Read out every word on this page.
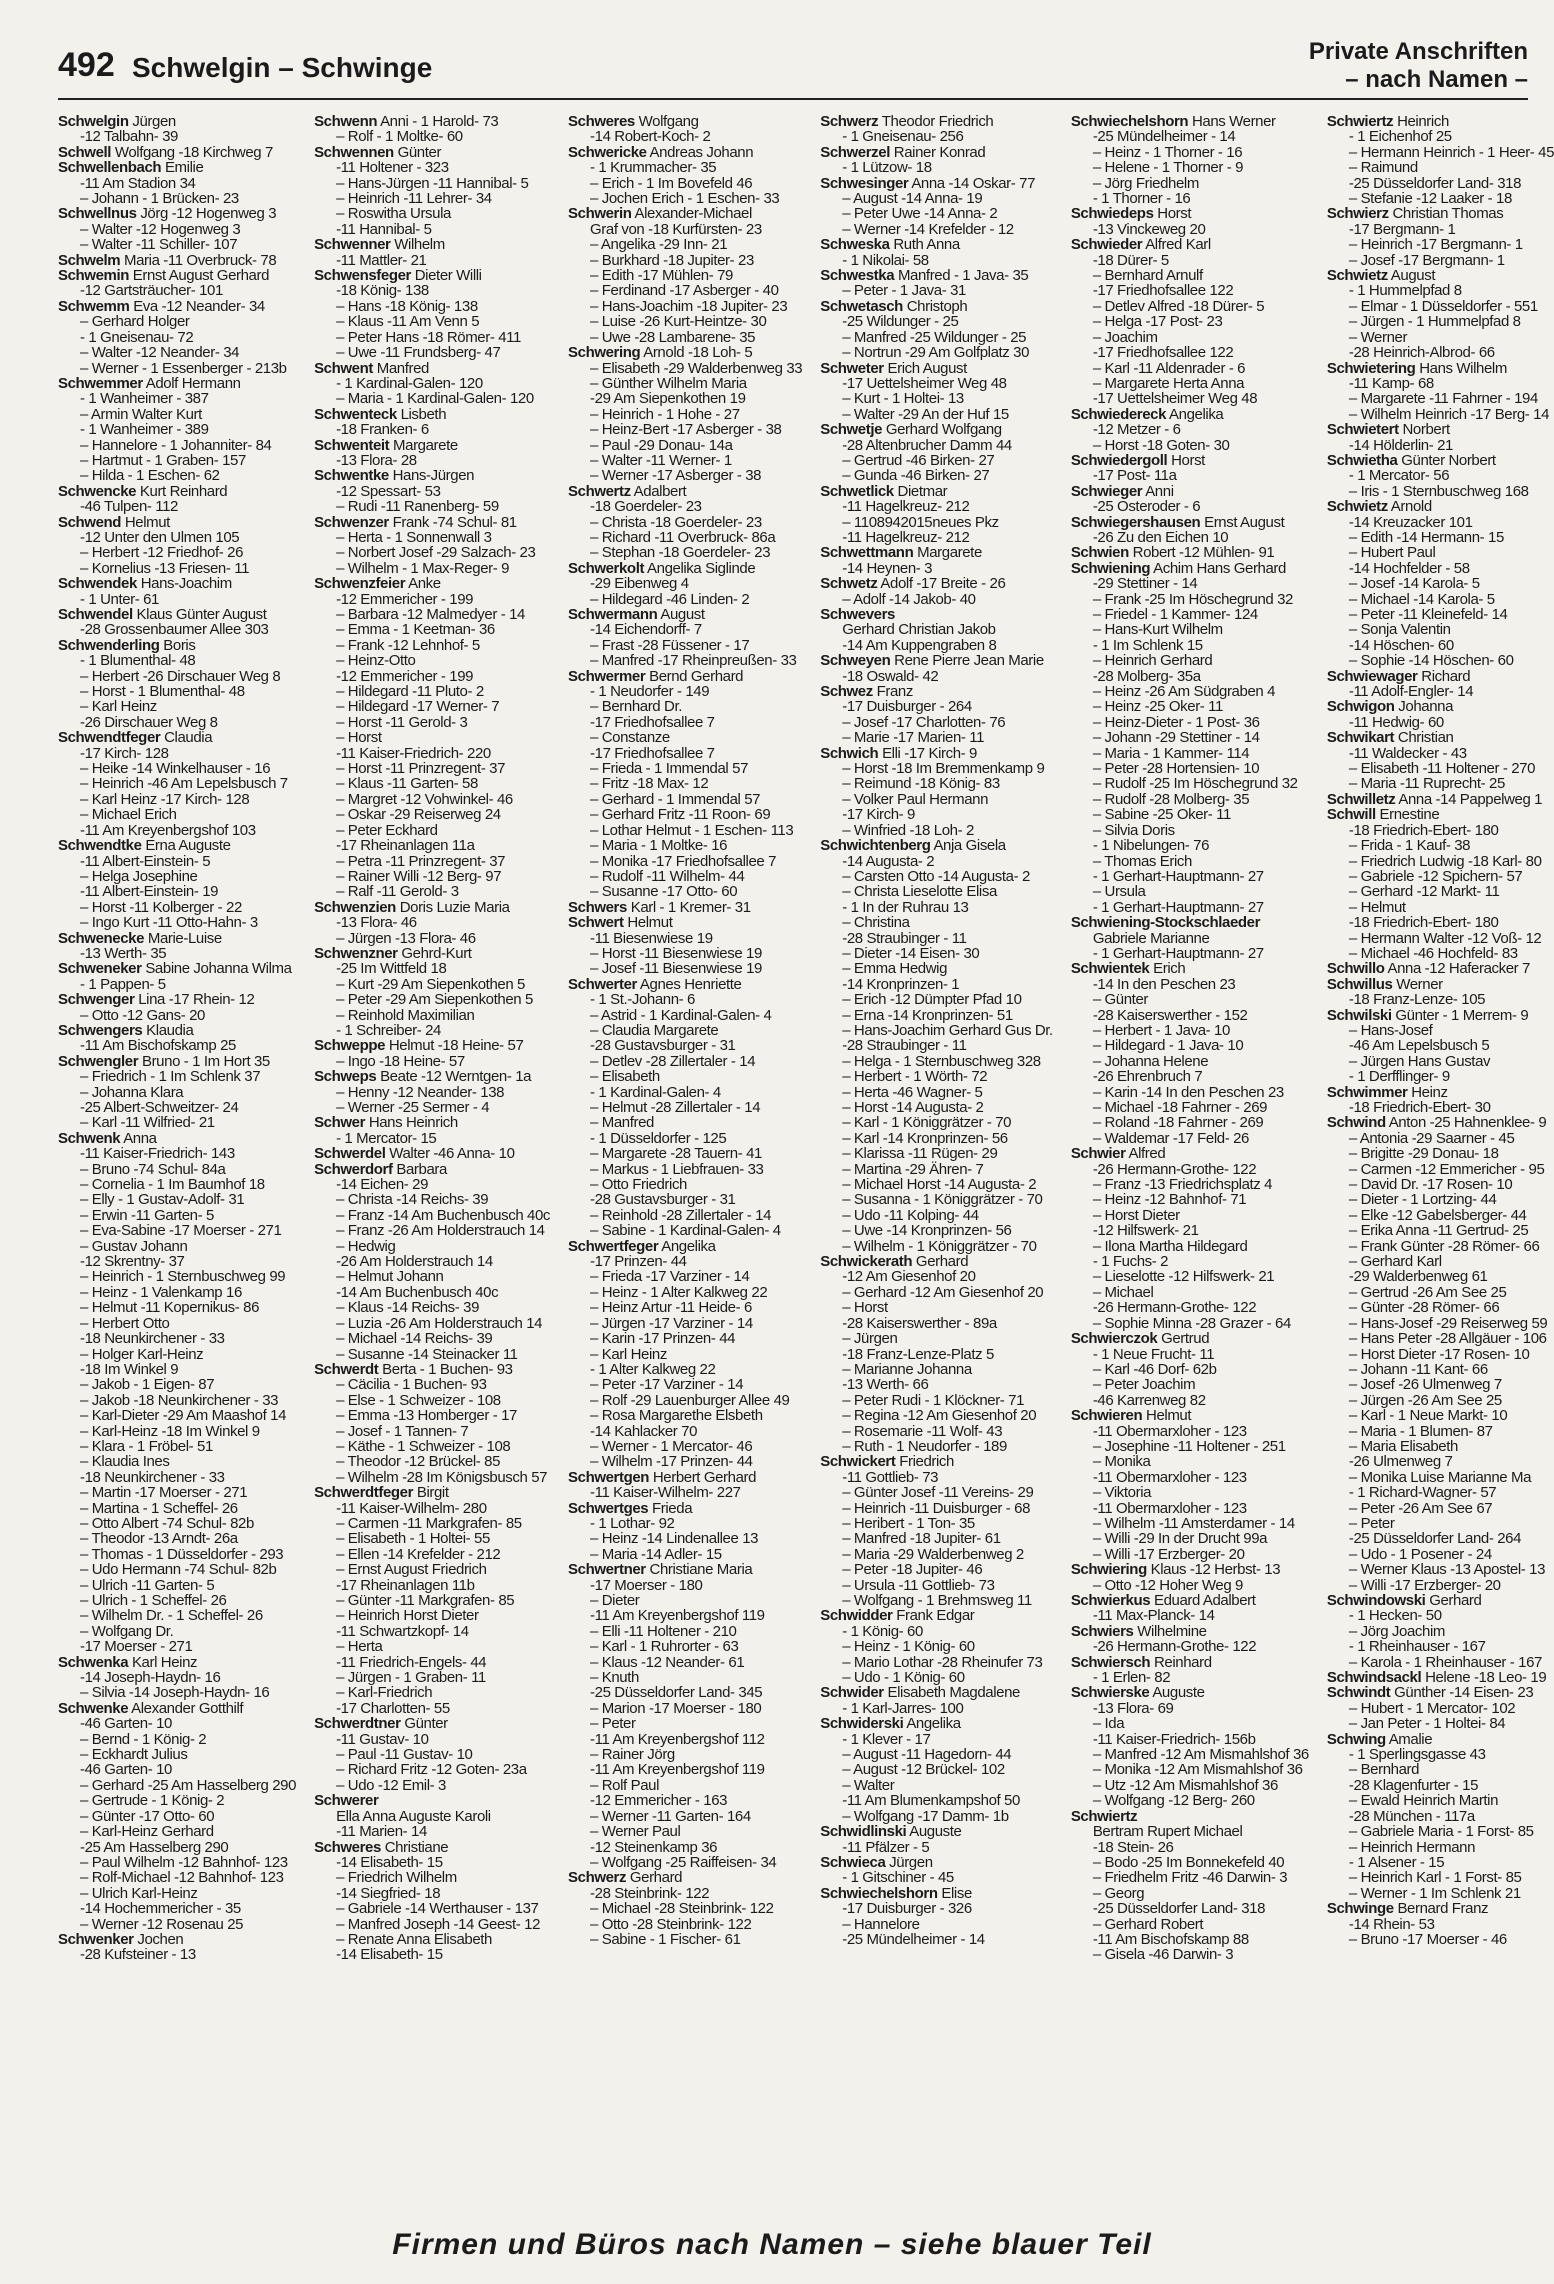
492 Schwelgin – Schwinge
Private Anschriften
– nach Namen –
Schwelgin Jürgen
-12 Talbahn- 39
Schwell Wolfgang -18 Kirchweg 7
Schwellenbach Emilie
-11 Am Stadion 34
– Johann - 1 Brücken- 23
Schwellnus Jörg -12 Hogenweg 3
– Walter -12 Hogenweg 3
– Walter -11 Schiller- 107
Schwelm Maria -11 Overbruck- 78
Schwemin Ernst August Gerhard
-12 Gartsträucher- 101
Schwemm Eva -12 Neander- 34
– Gerhard Holger
- 1 Gneisenau- 72
– Walter -12 Neander- 34
– Werner - 1 Essenberger - 213b
Schwemmer Adolf Hermann
- 1 Wanheimer - 387
– Armin Walter Kurt
- 1 Wanheimer - 389
– Hannelore - 1 Johanniter- 84
– Hartmut - 1 Graben- 157
– Hilda - 1 Eschen- 62
Schwencke Kurt Reinhard
-46 Tulpen- 112
Schwend Helmut
-12 Unter den Ulmen 105
– Herbert -12 Friedhof- 26
– Kornelius -13 Friesen- 11
Schwendek Hans-Joachim
- 1 Unter- 61
Schwendel Klaus Günter August
-28 Grossenbaumer Allee 303
Schwenderling Boris
- 1 Blumenthal- 48
– Herbert -26 Dirschauer Weg 8
– Horst - 1 Blumenthal- 48
– Karl Heinz
-26 Dirschauer Weg 8
Schwendtfeger Claudia
-17 Kirch- 128
– Heike -14 Winkelhauser - 16
– Heinrich -46 Am Lepelsbusch 7
– Karl Heinz -17 Kirch- 128
– Michael Erich
-11 Am Kreyenbergshof 103
Schwendtke Erna Auguste
-11 Albert-Einstein- 5
– Helga Josephine
-11 Albert-Einstein- 19
– Horst -11 Kolberger - 22
– Ingo Kurt -11 Otto-Hahn- 3
Schwenecke Marie-Luise
-13 Werth- 35
Schweneker Sabine Johanna Wilma
- 1 Pappen- 5
Schwenger Lina -17 Rhein- 12
– Otto -12 Gans- 20
Schwengers Klaudia
-11 Am Bischofskamp 25
Schwengler Bruno - 1 Im Hort 35
– Friedrich - 1 Im Schlenk 37
– Johanna Klara
-25 Albert-Schweitzer- 24
– Karl -11 Wilfried- 21
Schwenk Anna
-11 Kaiser-Friedrich- 143
– Bruno -74 Schul- 84a
– Cornelia - 1 Im Baumhof 18
– Elly - 1 Gustav-Adolf- 31
– Erwin -11 Garten- 5
– Eva-Sabine -17 Moerser - 271
– Gustav Johann
-12 Skrentny- 37
– Heinrich - 1 Sternbuschweg 99
– Heinz - 1 Valenkamp 16
– Helmut -11 Kopernikus- 86
– Herbert Otto
-18 Neunkirchener - 33
– Holger Karl-Heinz
-18 Im Winkel 9
– Jakob - 1 Eigen- 87
– Jakob -18 Neunkirchener - 33
– Karl-Dieter -29 Am Maashof 14
– Karl-Heinz -18 Im Winkel 9
– Klara - 1 Fröbel- 51
– Klaudia Ines
-18 Neunkirchener - 33
– Martin -17 Moerser - 271
– Martina - 1 Scheffel- 26
– Otto Albert -74 Schul- 82b
– Theodor -13 Arndt- 26a
– Thomas - 1 Düsseldorfer - 293
– Udo Hermann -74 Schul- 82b
– Ulrich -11 Garten- 5
– Ulrich - 1 Scheffel- 26
– Wilhelm Dr. - 1 Scheffel- 26
– Wolfgang Dr.
-17 Moerser - 271
Schwenka Karl Heinz
-14 Joseph-Haydn- 16
– Silvia -14 Joseph-Haydn- 16
Schwenke Alexander Gotthilf
-46 Garten- 10
– Bernd - 1 König- 2
– Eckhardt Julius
-46 Garten- 10
– Gerhard -25 Am Hasselberg 290
– Gertrude - 1 König- 2
– Günter -17 Otto- 60
– Karl-Heinz Gerhard
-25 Am Hasselberg 290
– Paul Wilhelm -12 Bahnhof- 123
– Rolf-Michael -12 Bahnhof- 123
– Ulrich Karl-Heinz
-14 Hochemmericher - 35
– Werner -12 Rosenau 25
Schwenker Jochen
-28 Kufsteiner - 13
Schwenn Anni - 1 Harold- 73
– Rolf - 1 Moltke- 60
Schwennen Günter
-11 Holtener - 323
– Hans-Jürgen -11 Hannibal- 5
– Heinrich -11 Lehrer- 34
– Roswitha Ursula
-11 Hannibal- 5
Schwenner Wilhelm
-11 Mattler- 21
Schwensfeger Dieter Willi
-18 König- 138
– Hans -18 König- 138
– Klaus -11 Am Venn 5
– Peter Hans -18 Römer- 411
– Uwe -11 Frundsberg- 47
Schwent Manfred
- 1 Kardinal-Galen- 120
– Maria - 1 Kardinal-Galen- 120
Schwenteck Lisbeth
-18 Franken- 6
Schwenteit Margarete
-13 Flora- 28
Schwentke Hans-Jürgen
-12 Spessart- 53
– Rudi -11 Ranenberg- 59
Schwenzer Frank -74 Schul- 81
– Herta - 1 Sonnenwall 3
– Norbert Josef -29 Salzach- 23
– Wilhelm - 1 Max-Reger- 9
Schwenzfeier Anke
-12 Emmericher - 199
– Barbara -12 Malmedyer - 14
– Emma - 1 Keetman- 36
– Frank -12 Lehnhof- 5
– Heinz-Otto
-12 Emmericher - 199
– Hildegard -11 Pluto- 2
– Hildegard -17 Werner- 7
– Horst -11 Gerold- 3
– Horst
-11 Kaiser-Friedrich- 220
– Horst -11 Prinzregent- 37
– Klaus -11 Garten- 58
– Margret -12 Vohwinkel- 46
– Oskar -29 Reiserweg 24
– Peter Eckhard
-17 Rheinanlagen 11a
– Petra -11 Prinzregent- 37
– Rainer Willi -12 Berg- 97
– Ralf -11 Gerold- 3
Schwenzien Doris Luzie Maria
-13 Flora- 46
– Jürgen -13 Flora- 46
Schwenzner Gehrd-Kurt
-25 Im Wittfeld 18
– Kurt -29 Am Siepenkothen 5
– Peter -29 Am Siepenkothen 5
– Reinhold Maximilian
- 1 Schreiber- 24
Schweppe Helmut -18 Heine- 57
– Ingo -18 Heine- 57
Schweps Beate -12 Werntgen- 1a
– Henny -12 Neander- 138
– Werner -25 Sermer - 4
Schwer Hans Heinrich
- 1 Mercator- 15
Schwerdel Walter -46 Anna- 10
Schwerdorf Barbara
-14 Eichen- 29
– Christa -14 Reichs- 39
– Franz -14 Am Buchenbusch 40c
– Franz -26 Am Holderstrauch 14
– Hedwig
-26 Am Holderstrauch 14
– Helmut Johann
-14 Am Buchenbusch 40c
– Klaus -14 Reichs- 39
– Luzia -26 Am Holderstrauch 14
– Michael -14 Reichs- 39
– Susanne -14 Steinacker 11
Schwerdt Berta - 1 Buchen- 93
– Cäcilia - 1 Buchen- 93
– Else - 1 Schweizer - 108
– Emma -13 Homberger - 17
– Josef - 1 Tannen- 7
– Käthe - 1 Schweizer - 108
– Theodor -12 Brückel- 85
– Wilhelm -28 Im Königsbusch 57
Schwerdtfeger Birgit
-11 Kaiser-Wilhelm- 280
– Carmen -11 Markgrafen- 85
– Elisabeth - 1 Holtei- 55
– Ellen -14 Krefelder - 212
– Ernst August Friedrich
-17 Rheinanlagen 11b
– Günter -11 Markgrafen- 85
– Heinrich Horst Dieter
-11 Schwartzkopf- 14
– Herta
-11 Friedrich-Engels- 44
– Jürgen - 1 Graben- 11
– Karl-Friedrich
-17 Charlotten- 55
Schwerdtner Günter
-11 Gustav- 10
– Paul -11 Gustav- 10
– Richard Fritz -12 Goten- 23a
– Udo -12 Emil- 3
Schwerer
Ella Anna Auguste Karoli
-11 Marien- 14
Schweres Christiane
-14 Elisabeth- 15
– Friedrich Wilhelm
-14 Siegfried- 18
– Gabriele -14 Werthauser - 137
– Manfred Joseph -14 Geest- 12
– Renate Anna Elisabeth
-14 Elisabeth- 15
Schweres Wolfgang
-14 Robert-Koch- 2
Schwericke Andreas Johann
- 1 Krummacher- 35
– Erich - 1 Im Bovefeld 46
– Jochen Erich - 1 Eschen- 33
Schwerin Alexander-Michael
Graf von -18 Kurfürsten- 23
– Angelika -29 Inn- 21
– Burkhard -18 Jupiter- 23
– Edith -17 Mühlen- 79
– Ferdinand -17 Asberger - 40
– Hans-Joachim -18 Jupiter- 23
– Luise -26 Kurt-Heintze- 30
– Uwe -28 Lambarene- 35
Schwering Arnold -18 Loh- 5
– Elisabeth -29 Walderbenweg 33
– Günther Wilhelm Maria
-29 Am Siepenkothen 19
– Heinrich - 1 Hohe - 27
– Heinz-Bert -17 Asberger - 38
– Paul -29 Donau- 14a
– Walter -11 Werner- 1
– Werner -17 Asberger - 38
Schwertz Adalbert
-18 Goerdeler- 23
– Christa -18 Goerdeler- 23
– Richard -11 Overbruck- 86a
– Stephan -18 Goerdeler- 23
Schwerkolt Angelika Siglinde
-29 Eibenweg 4
– Hildegard -46 Linden- 2
Schwermann August
-14 Eichendorff- 7
– Frast -28 Füssener - 17
– Manfred -17 Rheinpreußen- 33
Schwermer Bernd Gerhard
- 1 Neudorfer - 149
– Bernhard Dr.
-17 Friedhofsallee 7
– Constanze
-17 Friedhofsallee 7
– Frieda - 1 Immendal 57
– Fritz -18 Max- 12
– Gerhard - 1 Immendal 57
– Gerhard Fritz -11 Roon- 69
– Lothar Helmut - 1 Eschen- 113
– Maria - 1 Moltke- 16
– Monika -17 Friedhofsallee 7
– Rudolf -11 Wilhelm- 44
– Susanne -17 Otto- 60
Schwers Karl - 1 Kremer- 31
Schwert Helmut
-11 Biesenwiese 19
– Horst -11 Biesenwiese 19
– Josef -11 Biesenwiese 19
Schwerter Agnes Henriette
- 1 St.-Johann- 6
– Astrid - 1 Kardinal-Galen- 4
– Claudia Margarete
-28 Gustavsburger - 31
– Detlev -28 Zillertaler - 14
– Elisabeth
- 1 Kardinal-Galen- 4
– Helmut -28 Zillertaler - 14
– Manfred
- 1 Düsseldorfer - 125
– Margarete -28 Tauern- 41
– Markus - 1 Liebfrauen- 33
– Otto Friedrich
-28 Gustavsburger - 31
– Reinhold -28 Zillertaler - 14
– Sabine - 1 Kardinal-Galen- 4
Schwertfeger Angelika
-17 Prinzen- 44
– Frieda -17 Varziner - 14
– Heinz - 1 Alter Kalkweg 22
– Heinz Artur -11 Heide- 6
– Jürgen -17 Varziner - 14
– Karin -17 Prinzen- 44
– Karl Heinz
- 1 Alter Kalkweg 22
– Peter -17 Varziner - 14
– Rolf -29 Lauenburger Allee 49
– Rosa Margarethe Elsbeth
-14 Kahlacker 70
– Werner - 1 Mercator- 46
– Wilhelm -17 Prinzen- 44
Schwertgen Herbert Gerhard
-11 Kaiser-Wilhelm- 227
Schwertges Frieda
- 1 Lothar- 92
– Heinz -14 Lindenallee 13
– Maria -14 Adler- 15
Schwertner Christiane Maria
-17 Moerser - 180
– Dieter
-11 Am Kreyenbergshof 119
– Elli -11 Holtener - 210
– Karl - 1 Ruhrorter - 63
– Klaus -12 Neander- 61
– Knuth
-25 Düsseldorfer Land- 345
– Marion -17 Moerser - 180
– Peter
-11 Am Kreyenbergshof 112
– Rainer Jörg
-11 Am Kreyenbergshof 119
– Rolf Paul
-12 Emmericher - 163
– Werner -11 Garten- 164
– Werner Paul
-12 Steinenkamp 36
– Wolfgang -25 Raiffeisen- 34
Schwerz Gerhard
-28 Steinbrink- 122
– Michael -28 Steinbrink- 122
– Otto -28 Steinbrink- 122
– Sabine - 1 Fischer- 61
Schwerz Theodor Friedrich
- 1 Gneisenau- 256
Schwerzel Rainer Konrad
- 1 Lützow- 18
Schwesinger Anna -14 Oskar- 77
– August -14 Anna- 19
– Peter Uwe -14 Anna- 2
– Werner -14 Krefelder - 12
Schweska Ruth Anna
- 1 Nikolai- 58
Schwestka Manfred - 1 Java- 35
– Peter - 1 Java- 31
Schwetasch Christoph
-25 Wildunger - 25
– Manfred -25 Wildunger - 25
– Nortrun -29 Am Golfplatz 30
Schweter Erich August
-17 Uettelsheimer Weg 48
– Kurt - 1 Holtei- 13
– Walter -29 An der Huf 15
Schwetje Gerhard Wolfgang
-28 Altenbrucher Damm 44
– Gertrud -46 Birken- 27
– Gunda -46 Birken- 27
Schwetlick Dietmar
-11 Hagelkreuz- 212
– 1108942015neues Pkz
-11 Hagelkreuz- 212
Schwettmann Margarete
-14 Heynen- 3
Schwetz Adolf -17 Breite - 26
– Adolf -14 Jakob- 40
Schwevers
Gerhard Christian Jakob
-14 Am Kuppengraben 8
Schweyen Rene Pierre Jean Marie
-18 Oswald- 42
Schwez Franz
-17 Duisburger - 264
– Josef -17 Charlotten- 76
– Marie -17 Marien- 11
Schwich Elli -17 Kirch- 9
– Horst -18 Im Bremmenkamp 9
– Reimund -18 König- 83
– Volker Paul Hermann
-17 Kirch- 9
– Winfried -18 Loh- 2
Schwichtenberg Anja Gisela
-14 Augusta- 2
– Carsten Otto -14 Augusta- 2
– Christa Lieselotte Elisa
- 1 In der Ruhrau 13
– Christina
-28 Straubinger - 11
– Dieter -14 Eisen- 30
– Emma Hedwig
-14 Kronprinzen- 1
– Erich -12 Dümpter Pfad 10
– Erna -14 Kronprinzen- 51
– Hans-Joachim Gerhard Gus Dr.
-28 Straubinger - 11
– Helga - 1 Sternbuschweg 328
– Herbert - 1 Wörth- 72
– Herta -46 Wagner- 5
– Horst -14 Augusta- 2
– Karl - 1 Königgrätzer - 70
– Karl -14 Kronprinzen- 56
– Klarissa -11 Rügen- 29
– Martina -29 Ähren- 7
– Michael Horst -14 Augusta- 2
– Susanna - 1 Königgrätzer - 70
– Udo -11 Kolping- 44
– Uwe -14 Kronprinzen- 56
– Wilhelm - 1 Königgrätzer - 70
Schwickerath Gerhard
-12 Am Giesenhof 20
– Gerhard -12 Am Giesenhof 20
– Horst
-28 Kaiserswerther - 89a
– Jürgen
-18 Franz-Lenze-Platz 5
– Marianne Johanna
-13 Werth- 66
– Peter Rudi - 1 Klöckner- 71
– Regina -12 Am Giesenhof 20
– Rosemarie -11 Wolf- 43
– Ruth - 1 Neudorfer - 189
Schwickert Friedrich
-11 Gottlieb- 73
– Günter Josef -11 Vereins- 29
– Heinrich -11 Duisburger - 68
– Heribert - 1 Ton- 35
– Manfred -18 Jupiter- 61
– Maria -29 Walderbenweg 2
– Peter -18 Jupiter- 46
– Ursula -11 Gottlieb- 73
– Wolfgang - 1 Brehmsweg 11
Schwidder Frank Edgar
- 1 König- 60
– Heinz - 1 König- 60
– Mario Lothar -28 Rheinufer 73
– Udo - 1 König- 60
Schwider Elisabeth Magdalene
- 1 Karl-Jarres- 100
Schwiderski Angelika
- 1 Klever - 17
– August -11 Hagedorn- 44
– August -12 Brückel- 102
– Walter
-11 Am Blumenkampshof 50
– Wolfgang -17 Damm- 1b
Schwidlinski Auguste
-11 Pfälzer - 5
Schwieca Jürgen
- 1 Gitschiner - 45
Schwiechelshorn Elise
-17 Duisburger - 326
– Hannelore
-25 Mündelheimer - 14
Schwiechelshorn Hans Werner
-25 Mündelheimer - 14
– Heinz - 1 Thorner - 16
– Helene - 1 Thorner - 9
– Jörg Friedhelm
- 1 Thorner - 16
Schwiedeps Horst
-13 Vinckeweg 20
Schwieder Alfred Karl
-18 Dürer- 5
– Bernhard Arnulf
-17 Friedhofsallee 122
– Detlev Alfred -18 Dürer- 5
– Helga -17 Post- 23
– Joachim
-17 Friedhofsallee 122
– Karl -11 Aldenrader - 6
– Margarete Herta Anna
-17 Uettelsheimer Weg 48
Schwiedereck Angelika
-12 Metzer - 6
– Horst -18 Goten- 30
Schwiedergoll Horst
-17 Post- 11a
Schwieger Anni
-25 Osteroder - 6
Schwiegershausen Ernst August
-26 Zu den Eichen 10
Schwien Robert -12 Mühlen- 91
Schwiening Achim Hans Gerhard
-29 Stettiner - 14
– Frank -25 Im Höschegrund 32
– Friedel - 1 Kammer- 124
– Hans-Kurt Wilhelm
- 1 Im Schlenk 15
– Heinrich Gerhard
-28 Molberg- 35a
– Heinz -26 Am Südgraben 4
– Heinz -25 Oker- 11
– Heinz-Dieter - 1 Post- 36
– Johann -29 Stettiner - 14
– Maria - 1 Kammer- 114
– Peter -28 Hortensien- 10
– Rudolf -25 Im Höschegrund 32
– Rudolf -28 Molberg- 35
– Sabine -25 Oker- 11
– Silvia Doris
- 1 Nibelungen- 76
– Thomas Erich
- 1 Gerhart-Hauptmann- 27
– Ursula
- 1 Gerhart-Hauptmann- 27
Schwiening-Stockschlaeder
Gabriele Marianne
- 1 Gerhart-Hauptmann- 27
Schwientek Erich
-14 In den Peschen 23
– Günter
-28 Kaiserswerther - 152
– Herbert - 1 Java- 10
– Hildegard - 1 Java- 10
– Johanna Helene
-26 Ehrenbruch 7
– Karin -14 In den Peschen 23
– Michael -18 Fahrner - 269
– Roland -18 Fahrner - 269
– Waldemar -17 Feld- 26
Schwier Alfred
-26 Hermann-Grothe- 122
– Franz -13 Friedrichsplatz 4
– Heinz -12 Bahnhof- 71
– Horst Dieter
-12 Hilfswerk- 21
– Ilona Martha Hildegard
- 1 Fuchs- 2
– Lieselotte -12 Hilfswerk- 21
– Michael
-26 Hermann-Grothe- 122
– Sophie Minna -28 Grazer - 64
Schwierczok Gertrud
- 1 Neue Frucht- 11
– Karl -46 Dorf- 62b
– Peter Joachim
-46 Karrenweg 82
Schwieren Helmut
-11 Obermarxloher - 123
– Josephine -11 Holtener - 251
– Monika
-11 Obermarxloher - 123
– Viktoria
-11 Obermarxloher - 123
– Wilhelm -11 Amsterdamer - 14
– Willi -29 In der Drucht 99a
– Willi -17 Erzberger- 20
Schwiering Klaus -12 Herbst- 13
– Otto -12 Hoher Weg 9
Schwierkus Eduard Adalbert
-11 Max-Planck- 14
Schwiers Wilhelmine
-26 Hermann-Grothe- 122
Schwiersch Reinhard
- 1 Erlen- 82
Schwierske Auguste
-13 Flora- 69
– Ida
-11 Kaiser-Friedrich- 156b
– Manfred -12 Am Mismahlshof 36
– Monika -12 Am Mismahlshof 36
– Utz -12 Am Mismahlshof 36
– Wolfgang -12 Berg- 260
Schwiertz
Bertram Rupert Michael
-18 Stein- 26
– Bodo -25 Im Bonnekefeld 40
– Friedhelm Fritz -46 Darwin- 3
– Georg
-25 Düsseldorfer Land- 318
– Gerhard Robert
-11 Am Bischofskamp 88
– Gisela -46 Darwin- 3
Schwiertz Heinrich
- 1 Eichenhof 25
– Hermann Heinrich - 1 Heer- 45
– Raimund
-25 Düsseldorfer Land- 318
– Stefanie -12 Laaker - 18
Schwierz Christian Thomas
-17 Bergmann- 1
– Heinrich -17 Bergmann- 1
– Josef -17 Bergmann- 1
Schwietz August
- 1 Hummelpfad 8
– Elmar - 1 Düsseldorfer - 551
– Jürgen - 1 Hummelpfad 8
– Werner
-28 Heinrich-Albrod- 66
Schwietering Hans Wilhelm
-11 Kamp- 68
– Margarete -11 Fahrner - 194
– Wilhelm Heinrich -17 Berg- 14
Schwietert Norbert
-14 Hölderlin- 21
Schwietha Günter Norbert
- 1 Mercator- 56
– Iris - 1 Sternbuschweg 168
Schwietz Arnold
-14 Kreuzacker 101
– Edith -14 Hermann- 15
– Hubert Paul
-14 Hochfelder - 58
– Josef -14 Karola- 5
– Michael -14 Karola- 5
– Peter -11 Kleinefeld- 14
– Sonja Valentin
-14 Höschen- 60
– Sophie -14 Höschen- 60
Schwiewager Richard
-11 Adolf-Engler- 14
Schwigon Johanna
-11 Hedwig- 60
Schwikart Christian
-11 Waldecker - 43
– Elisabeth -11 Holtener - 270
– Maria -11 Ruprecht- 25
Schwilletz Anna -14 Pappelweg 1
Schwill Ernestine
-18 Friedrich-Ebert- 180
– Frida - 1 Kauf- 38
– Friedrich Ludwig -18 Karl- 80
– Gabriele -12 Spichern- 57
– Gerhard -12 Markt- 11
– Helmut
-18 Friedrich-Ebert- 180
– Hermann Walter -12 Voß- 12
– Michael -46 Hochfeld- 83
Schwillo Anna -12 Haferacker 7
Schwillus Werner
-18 Franz-Lenze- 105
Schwilski Günter - 1 Merrem- 9
– Hans-Josef
-46 Am Lepelsbusch 5
– Jürgen Hans Gustav
- 1 Derfflinger- 9
Schwimmer Heinz
-18 Friedrich-Ebert- 30
Schwind Anton -25 Hahnenklee- 9
– Antonia -29 Saarner - 45
– Brigitte -29 Donau- 18
– Carmen -12 Emmericher - 95
– David Dr. -17 Rosen- 10
– Dieter - 1 Lortzing- 44
– Elke -12 Gabelsberger- 44
– Erika Anna -11 Gertrud- 25
– Frank Günter -28 Römer- 66
– Gerhard Karl
-29 Walderbenweg 61
– Gertrud -26 Am See 25
– Günter -28 Römer- 66
– Hans-Josef -29 Reiserweg 59
– Hans Peter -28 Allgäuer - 106
– Horst Dieter -17 Rosen- 10
– Johann -11 Kant- 66
– Josef -26 Ulmenweg 7
– Jürgen -26 Am See 25
– Karl - 1 Neue Markt- 10
– Maria - 1 Blumen- 87
– Maria Elisabeth
-26 Ulmenweg 7
– Monika Luise Marianne Ma
- 1 Richard-Wagner- 57
– Peter -26 Am See 67
– Peter
-25 Düsseldorfer Land- 264
– Udo - 1 Posener - 24
– Werner Klaus -13 Apostel- 13
– Willi -17 Erzberger- 20
Schwindowski Gerhard
- 1 Hecken- 50
– Jörg Joachim
- 1 Rheinhauser - 167
– Karola - 1 Rheinhauser - 167
Schwindsackl Helene -18 Leo- 19
Schwindt Günther -14 Eisen- 23
– Hubert - 1 Mercator- 102
– Jan Peter - 1 Holtei- 84
Schwing Amalie
- 1 Sperlingsgasse 43
– Bernhard
-28 Klagenfurter - 15
– Ewald Heinrich Martin
-28 München - 117a
– Gabriele Maria - 1 Forst- 85
– Heinrich Hermann
- 1 Alsener - 15
– Heinrich Karl - 1 Forst- 85
– Werner - 1 Im Schlenk 21
Schwinge Bernard Franz
-14 Rhein- 53
– Bruno -17 Moerser - 46
Firmen und Büros nach Namen – siehe blauer Teil
